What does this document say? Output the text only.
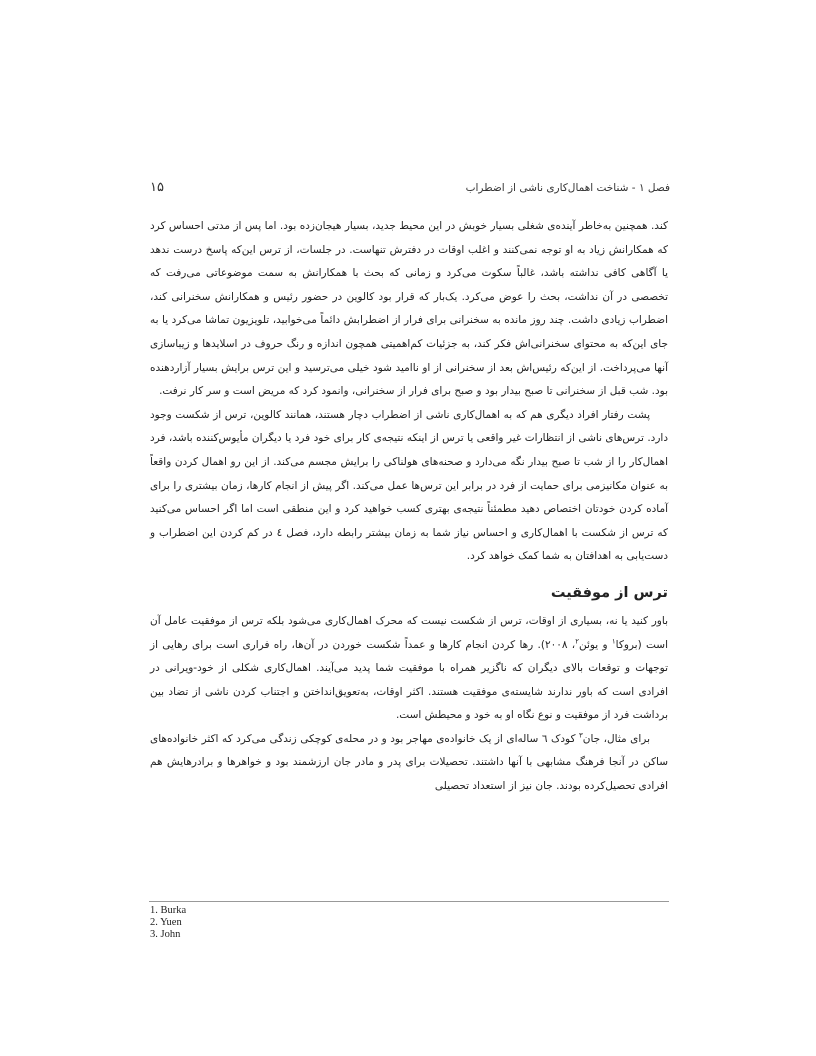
فصل ۱ - شناخت اهمال‌کاری ناشی از اضطراب
۱۵

کند. همچنین به‌خاطر آینده‌ی شغلی بسیار خوبش در این محیط جدید، بسیار هیجان‌زده بود. اما پس از مدتی احساس کرد که همکارانش زیاد به او توجه نمی‌کنند و اغلب اوقات در دفترش تنهاست. در جلسات، از ترس این‌که پاسخ درست ندهد یا آگاهی کافی نداشته باشد، غالباً سکوت می‌کرد و زمانی که بحث با همکارانش به سمت موضوعاتی می‌رفت که تخصصی در آن نداشت، بحث را عوض می‌کرد. یک‌بار که قرار بود کالوین در حضور رئیس و همکارانش سخنرانی کند، اضطراب زیادی داشت. چند روز مانده به سخنرانی برای فرار از اضطرابش دائماً می‌خوابید، تلویزیون تماشا می‌کرد یا به جای این‌که به محتوای سخنرانی‌اش فکر کند، به جزئیات کم‌اهمیتی همچون اندازه و رنگ حروف در اسلایدها و زیباسازی آنها می‌پرداخت. از این‌که رئیس‌اش بعد از سخنرانی از او ناامید شود خیلی می‌ترسید و این ترس برایش بسیار آزاردهنده بود. شب قبل از سخنرانی تا صبح بیدار بود و صبح برای فرار از سخنرانی، وانمود کرد که مریض است و سر کار نرفت.

پشت رفتار افراد دیگری هم که به اهمال‌کاری ناشی از اضطراب دچار هستند، همانند کالوین، ترس از شکست وجود دارد. ترس‌های ناشی از انتظارات غیر واقعی یا ترس از اینکه نتیجه‌ی کار برای خود فرد یا دیگران مأیوس‌کننده باشد، فرد اهمال‌کار را از شب تا صبح بیدار نگه می‌دارد و صحنه‌های هولناکی را برایش مجسم می‌کند. از این رو اهمال کردن واقعاً به عنوان مکانیزمی برای حمایت از فرد در برابر این ترس‌ها عمل می‌کند. اگر پیش از انجام کارها، زمان بیشتری را برای آماده کردن خودتان اختصاص دهید مطمئناً نتیجه‌ی بهتری کسب خواهید کرد و این منطقی است اما اگر احساس می‌کنید که ترس از شکست با اهمال‌کاری و احساس نیاز شما به زمان بیشتر رابطه دارد، فصل ٤ در کم کردن این اضطراب و دست‌یابی به اهدافتان به شما کمک خواهد کرد.

ترس از موفقیت

باور کنید یا نه، بسیاری از اوقات، ترس از شکست نیست که محرک اهمال‌کاری می‌شود بلکه ترس از موفقیت عامل آن است (بروکا$^۱$ و یوئن$^۲$، ۲۰۰۸). رها کردن انجام کارها و عمداً شکست خوردن در آن‌ها، راه فراری است برای رهایی از توجهات و توقعات بالای دیگران که ناگزیر همراه با موفقیت شما پدید می‌آیند. اهمال‌کاری شکلی از خود-ویرانی در افرادی است که باور ندارند شایسته‌ی موفقیت هستند. اکثر اوقات، به‌تعویق‌انداختن و اجتناب کردن ناشی از تضاد بین برداشت فرد از موفقیت و نوع نگاه او به خود و محیطش است.

برای مثال، جان$^۳$ کودک ٦ ساله‌ای از یک خانواده‌ی مهاجر بود و در محله‌ی کوچکی زندگی می‌کرد که اکثر خانواده‌های ساکن در آنجا فرهنگ مشابهی با آنها داشتند. تحصیلات برای پدر و مادر جان ارزشمند بود و خواهرها و برادرهایش هم افرادی تحصیل‌کرده بودند. جان نیز از استعداد تحصیلی

1. Burka
2. Yuen
3. John
